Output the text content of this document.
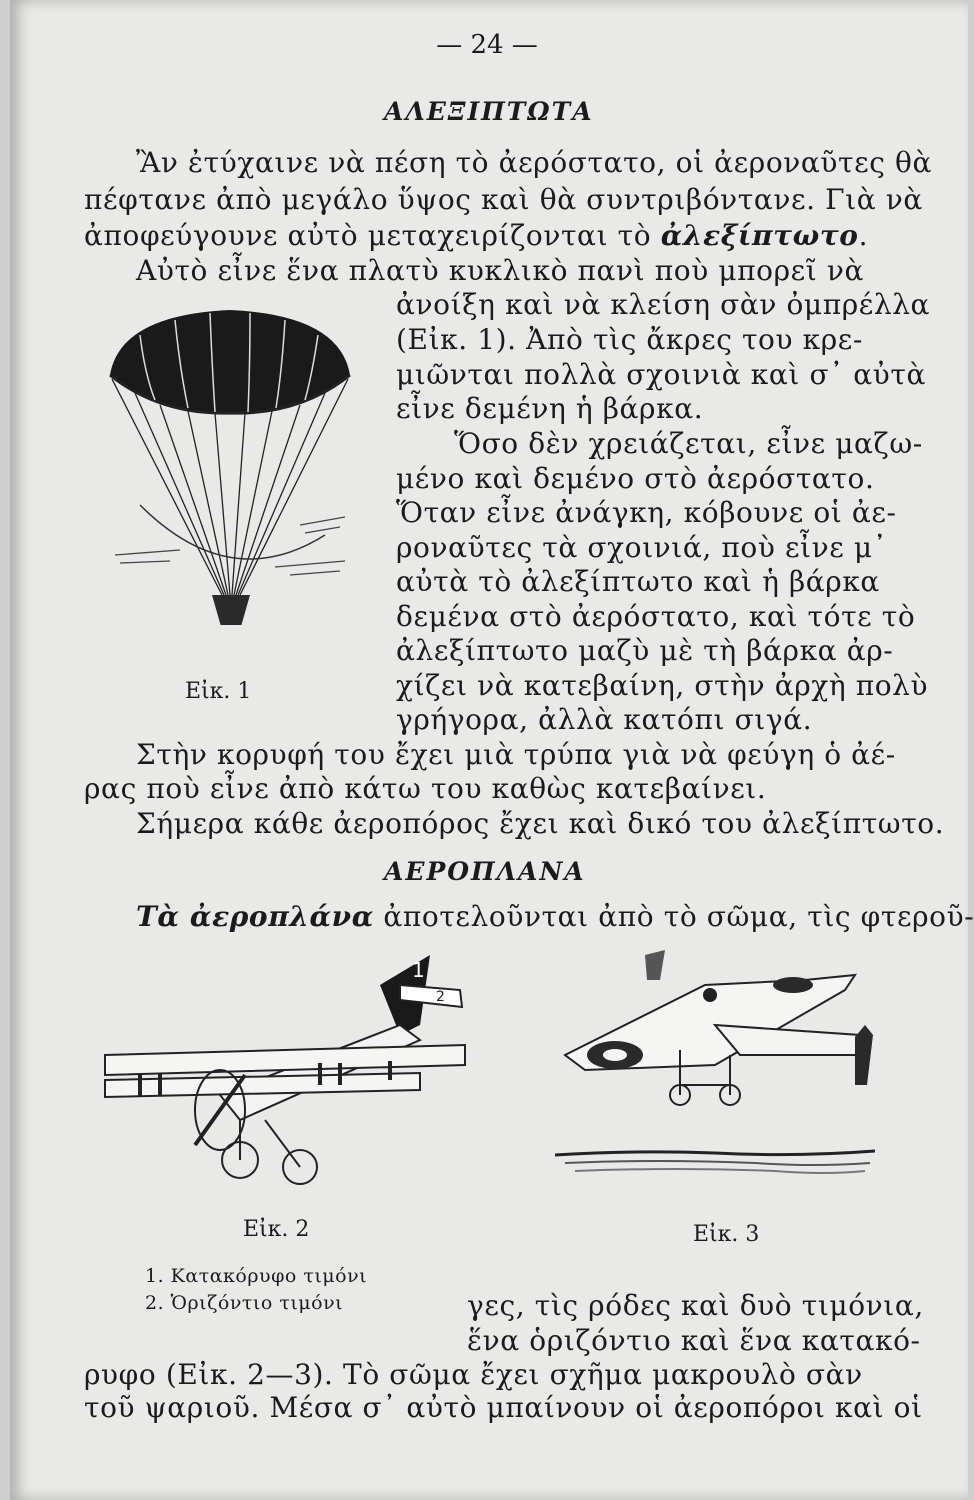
— 24 —
ΑΛΕΞΙΠΤΩΤΑ
Ἂν ἐτύχαινε νὰ πέση τὸ ἀερόστατο, οἱ ἀεροναῦτες θὰ
πέφτανε ἀπὸ μεγάλο ὕψος καὶ θὰ συντριβόντανε. Γιὰ νὰ
ἀποφεύγουνε αὐτὸ μεταχειρίζονται τὸ ἀλεξίπτωτο.
Αὐτὸ εἶνε ἕνα πλατὺ κυκλικὸ πανὶ ποὺ μπορεῖ νὰ
ἀνοίξη καὶ νὰ κλείση σὰν ὀμπρέλλα
(Εἰκ. 1). Ἀπὸ τὶς ἄκρες του κρε-
μιῶνται πολλὰ σχοινιὰ καὶ σ᾽ αὐτὰ
εἶνε δεμένη ἡ βάρκα.
Ὅσο δὲν χρειάζεται, εἶνε μαζω-
μένο καὶ δεμένο στὸ ἀερόστατο.
Ὅταν εἶνε ἀνάγκη, κόβουνε οἱ ἀε-
ροναῦτες τὰ σχοινιά, ποὺ εἶνε μ᾽
αὐτὰ τὸ ἀλεξίπτωτο καὶ ἡ βάρκα
δεμένα στὸ ἀερόστατο, καὶ τότε τὸ
ἀλεξίπτωτο μαζὺ μὲ τὴ βάρκα ἀρ-
χίζει νὰ κατεβαίνη, στὴν ἀρχὴ πολὺ
γρήγορα, ἀλλὰ κατόπι σιγά.
Στὴν κορυφή του ἔχει μιὰ τρύπα γιὰ νὰ φεύγη ὁ ἀέ-
ρας ποὺ εἶνε ἀπὸ κάτω του καθὼς κατεβαίνει.
Σήμερα κάθε ἀεροπόρος ἔχει καὶ δικό του ἀλεξίπτωτο.
Εἰκ. 1
ΑΕΡΟΠΛΑΝΑ
Τὰ ἀεροπλάνα ἀποτελοῦνται ἀπὸ τὸ σῶμα, τὶς φτεροῦ-
1
2
Εἰκ. 2	Εἰκ. 3
1. Κατακόρυφο τιμόνι
2. Ὁριζόντιο τιμόνι	γες, τὶς ρόδες καὶ δυὸ τιμόνια,
ἕνα ὁριζόντιο καὶ ἕνα κατακό-
ρυφο (Εἰκ. 2—3). Τὸ σῶμα ἔχει σχῆμα μακρουλὸ σὰν
τοῦ ψαριοῦ. Μέσα σ᾽ αὐτὸ μπαίνουν οἱ ἀεροπόροι καὶ οἱ
